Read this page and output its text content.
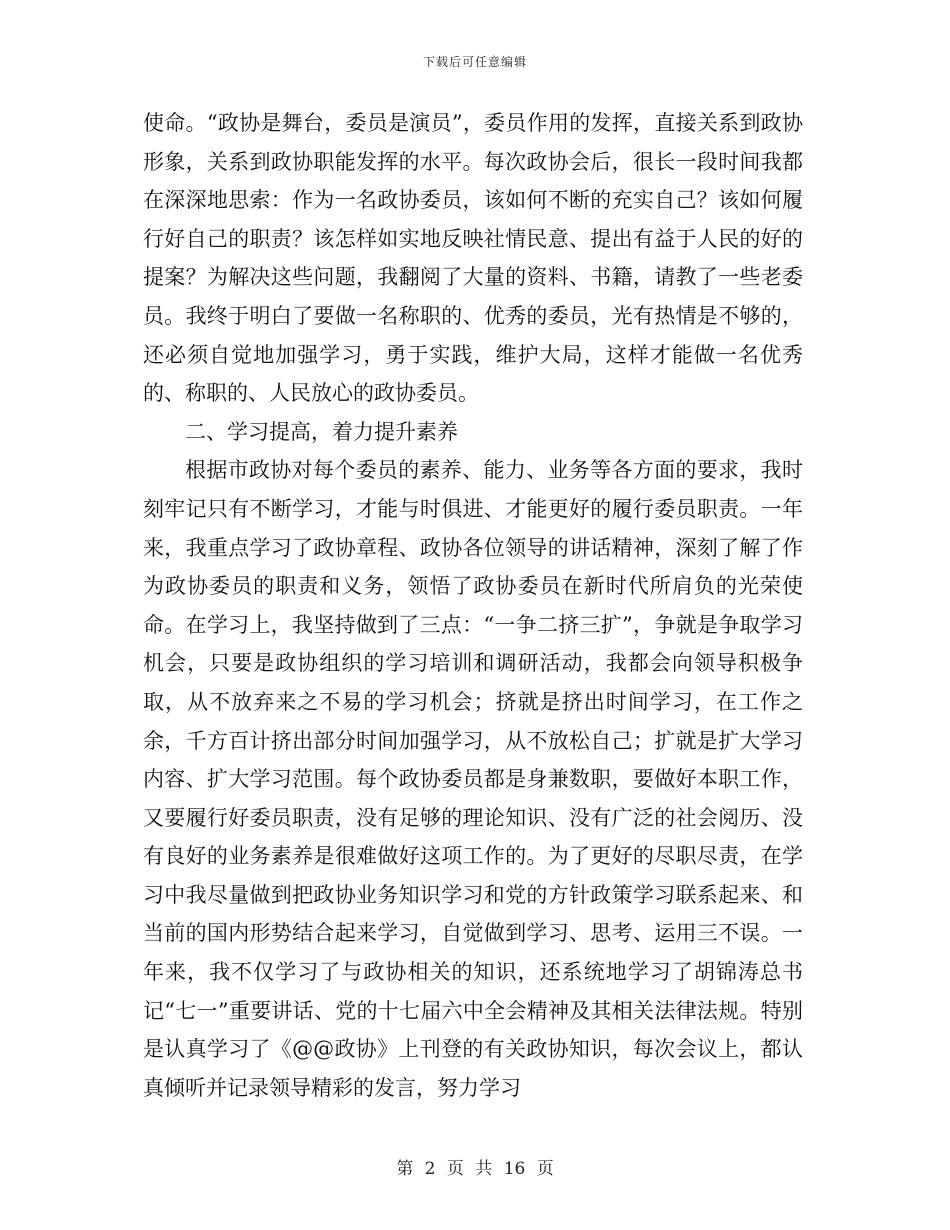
下载后可任意编辑

使命。“政协是舞台，委员是演员”，委员作用的发挥，直接关系到政协形象，关系到政协职能发挥的水平。每次政协会后，很长一段时间我都在深深地思索：作为一名政协委员，该如何不断的充实自己？该如何履行好自己的职责？该怎样如实地反映社情民意、提出有益于人民的好的提案？为解决这些问题，我翻阅了大量的资料、书籍，请教了一些老委员。我终于明白了要做一名称职的、优秀的委员，光有热情是不够的，还必须自觉地加强学习，勇于实践，维护大局，这样才能做一名优秀的、称职的、人民放心的政协委员。

二、学习提高，着力提升素养

根据市政协对每个委员的素养、能力、业务等各方面的要求，我时刻牢记只有不断学习，才能与时俱进、才能更好的履行委员职责。一年来，我重点学习了政协章程、政协各位领导的讲话精神，深刻了解了作为政协委员的职责和义务，领悟了政协委员在新时代所肩负的光荣使命。在学习上，我坚持做到了三点：“一争二挤三扩”，争就是争取学习机会，只要是政协组织的学习培训和调研活动，我都会向领导积极争取，从不放弃来之不易的学习机会；挤就是挤出时间学习，在工作之余，千方百计挤出部分时间加强学习，从不放松自己；扩就是扩大学习内容、扩大学习范围。每个政协委员都是身兼数职，要做好本职工作，又要履行好委员职责，没有足够的理论知识、没有广泛的社会阅历、没有良好的业务素养是很难做好这项工作的。为了更好的尽职尽责，在学习中我尽量做到把政协业务知识学习和党的方针政策学习联系起来、和当前的国内形势结合起来学习，自觉做到学习、思考、运用三不误。一年来，我不仅学习了与政协相关的知识，还系统地学习了胡锦涛总书记“七一”重要讲话、党的十七届六中全会精神及其相关法律法规。特别是认真学习了《@@政协》上刊登的有关政协知识，每次会议上，都认真倾听并记录领导精彩的发言，努力学习

第 2 页 共 16 页
